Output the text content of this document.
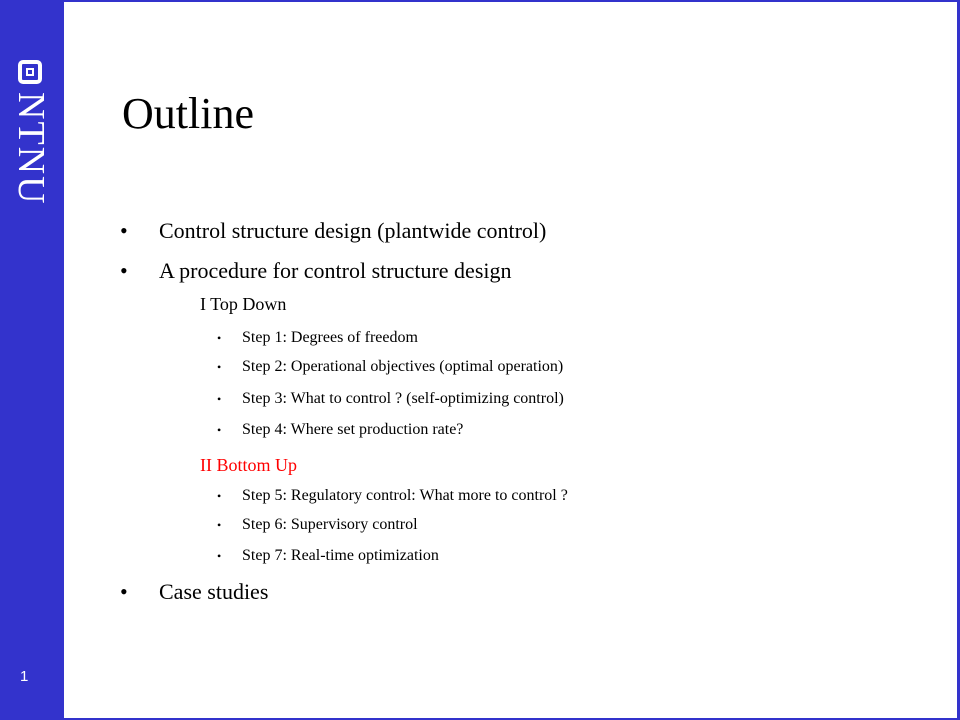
NTNU
1
Outline
• Control structure design (plantwide control)
• A procedure for control structure design
I Top Down
• Step 1: Degrees of freedom
• Step 2: Operational objectives (optimal operation)
• Step 3: What to control ? (self-optimizing control)
• Step 4: Where set production rate?
II Bottom Up
• Step 5: Regulatory control: What more to control ?
• Step 6: Supervisory control
• Step 7: Real-time optimization
• Case studies
